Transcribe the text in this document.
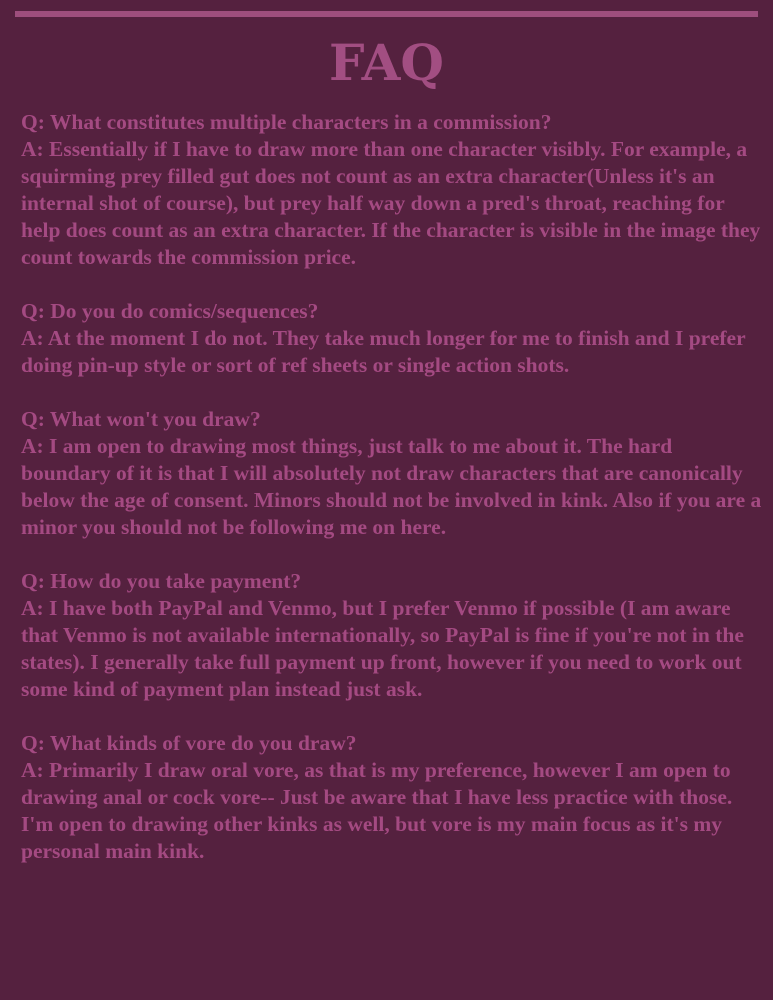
FAQ

Q: What constitutes multiple characters in a commission?

A: Essentially if I have to draw more than one character visibly. For example, a squirming prey filled gut does not count as an extra character(Unless it's an internal shot of course), but prey half way down a pred's throat, reaching for help does count as an extra character. If the character is visible in the image they count towards the commission price.

Q: Do you do comics/sequences?

A: At the moment I do not. They take much longer for me to finish and I prefer doing pin-up style or sort of ref sheets or single action shots.

Q: What won't you draw?

A: I am open to drawing most things, just talk to me about it. The hard boundary of it is that I will absolutely not draw characters that are canonically below the age of consent. Minors should not be involved in kink. Also if you are a minor you should not be following me on here.

Q: How do you take payment?

A: I have both PayPal and Venmo, but I prefer Venmo if possible (I am aware that Venmo is not available internationally, so PayPal is fine if you're not in the states). I generally take full payment up front, however if you need to work out some kind of payment plan instead just ask.

Q: What kinds of vore do you draw?

A: Primarily I draw oral vore, as that is my preference, however I am open to drawing anal or cock vore-- Just be aware that I have less practice with those. I'm open to drawing other kinks as well, but vore is my main focus as it's my personal main kink.
